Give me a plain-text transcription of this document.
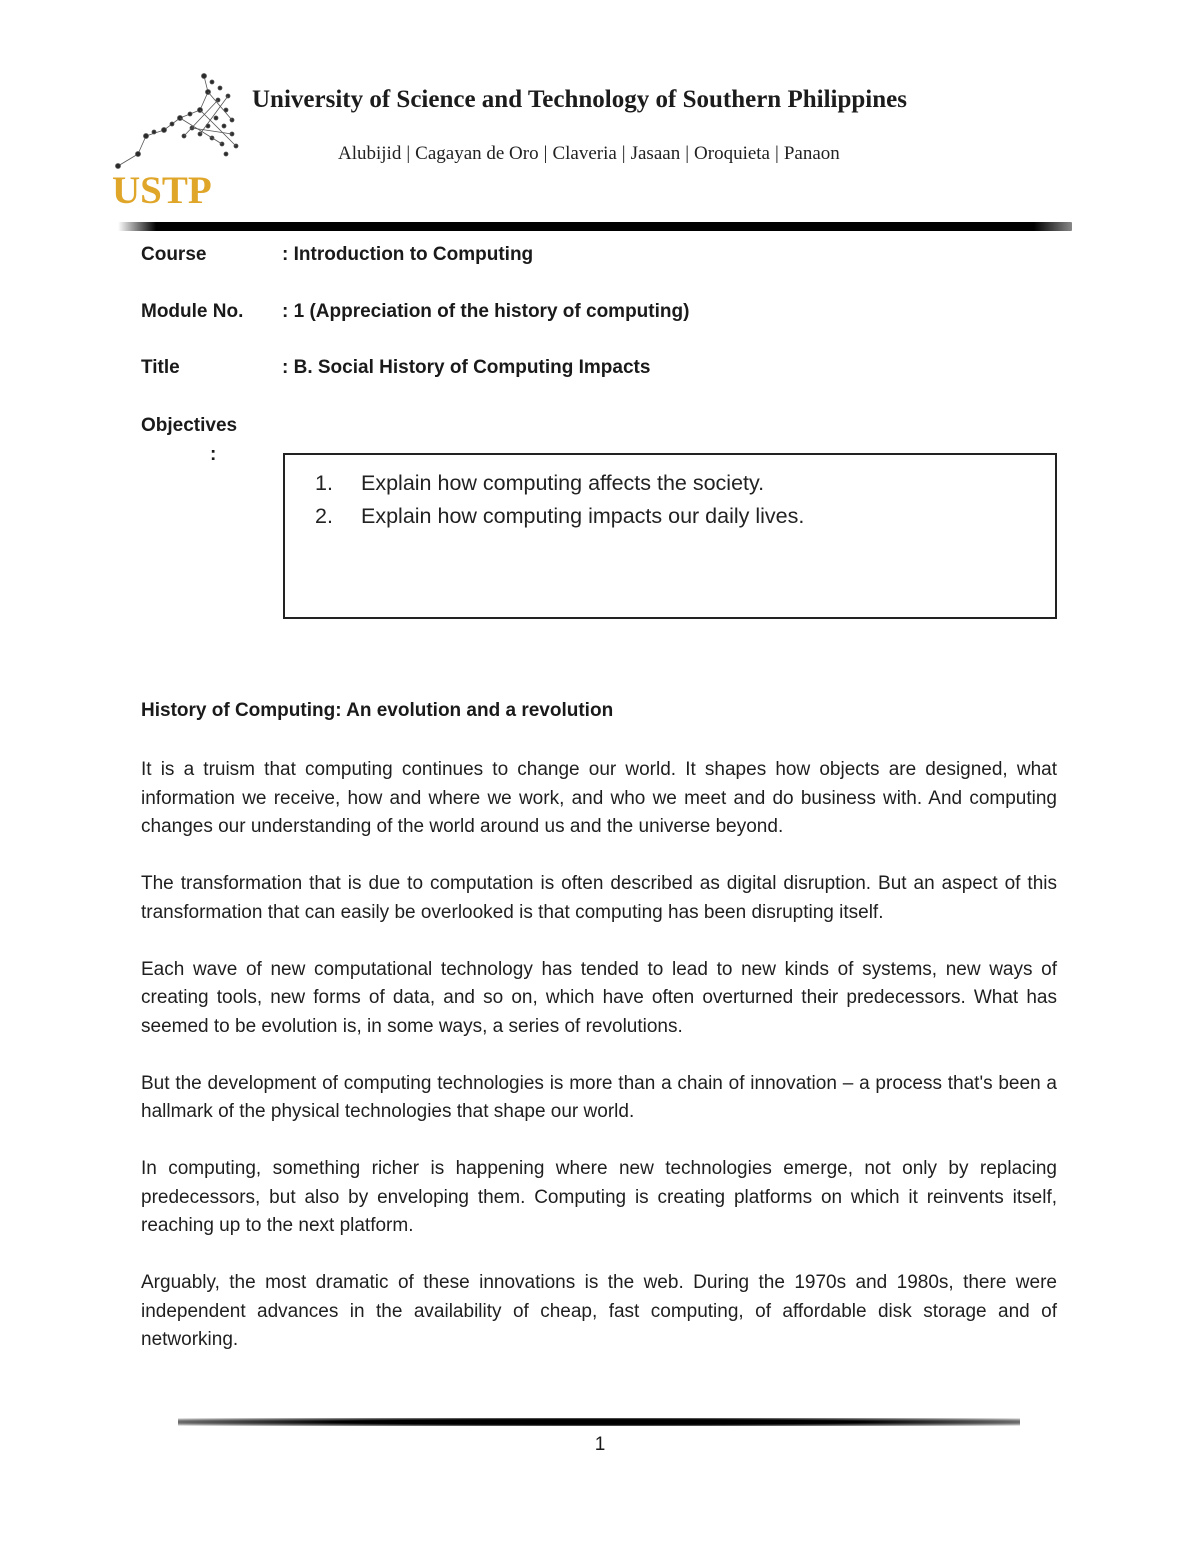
USTP
University of Science and Technology of Southern Philippines
Alubijid | Cagayan de Oro | Claveria | Jasaan | Oroquieta | Panaon
Course	: Introduction to Computing
Module No. : 1 (Appreciation of the history of computing)
Title	: B. Social History of Computing Impacts
Objectives
:
1. Explain how computing affects the society.
2. Explain how computing impacts our daily lives.
History of Computing: An evolution and a revolution

It is a truism that computing continues to change our world. It shapes how objects are designed, what information we receive, how and where we work, and who we meet and do business with. And computing changes our understanding of the world around us and the universe beyond.

The transformation that is due to computation is often described as digital disruption. But an aspect of this transformation that can easily be overlooked is that computing has been disrupting itself.

Each wave of new computational technology has tended to lead to new kinds of systems, new ways of creating tools, new forms of data, and so on, which have often overturned their predecessors. What has seemed to be evolution is, in some ways, a series of revolutions.

But the development of computing technologies is more than a chain of innovation – a process that's been a hallmark of the physical technologies that shape our world.

In computing, something richer is happening where new technologies emerge, not only by replacing predecessors, but also by enveloping them. Computing is creating platforms on which it reinvents itself, reaching up to the next platform.

Arguably, the most dramatic of these innovations is the web. During the 1970s and 1980s, there were independent advances in the availability of cheap, fast computing, of affordable disk storage and of networking.

1
